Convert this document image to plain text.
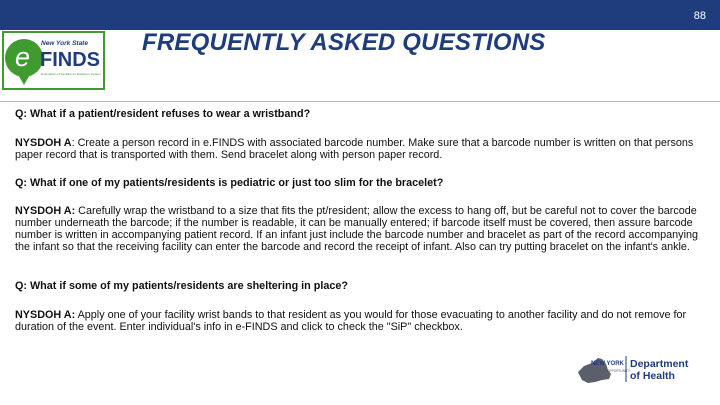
88
e New York State
FINDS
Evacuation of Facilities in Disasters System
FREQUENTLY ASKED QUESTIONS

Q: What if a patient/resident refuses to wear a wristband?

NYSDOH A: Create a person record in e.FINDS with associated barcode number. Make sure that a barcode number is written on that persons paper record that is transported with them. Send bracelet along with person paper record.

Q: What if one of my patients/residents is pediatric or just too slim for the bracelet?

NYSDOH A: Carefully wrap the wristband to a size that fits the pt/resident; allow the excess to hang off, but be careful not to cover the barcode number underneath the barcode; if the number is readable, it can be manually entered; if barcode itself must be covered, then assure barcode number is written in accompanying patient record. If an infant just include the barcode number and bracelet as part of the record accompanying the infant so that the receiving facility can enter the barcode and record the receipt of infant. Also can try putting bracelet on the infant's ankle.

Q: What if some of my patients/residents are sheltering in place?

NYSDOH A: Apply one of your facility wrist bands to that resident as you would for those evacuating to another facility and do not remove for duration of the event. Enter individual's info in e-FINDS and click to check the "SiP" checkbox.

NEW YORK
STATE OF OPPORTUNITY.
Department
of Health
